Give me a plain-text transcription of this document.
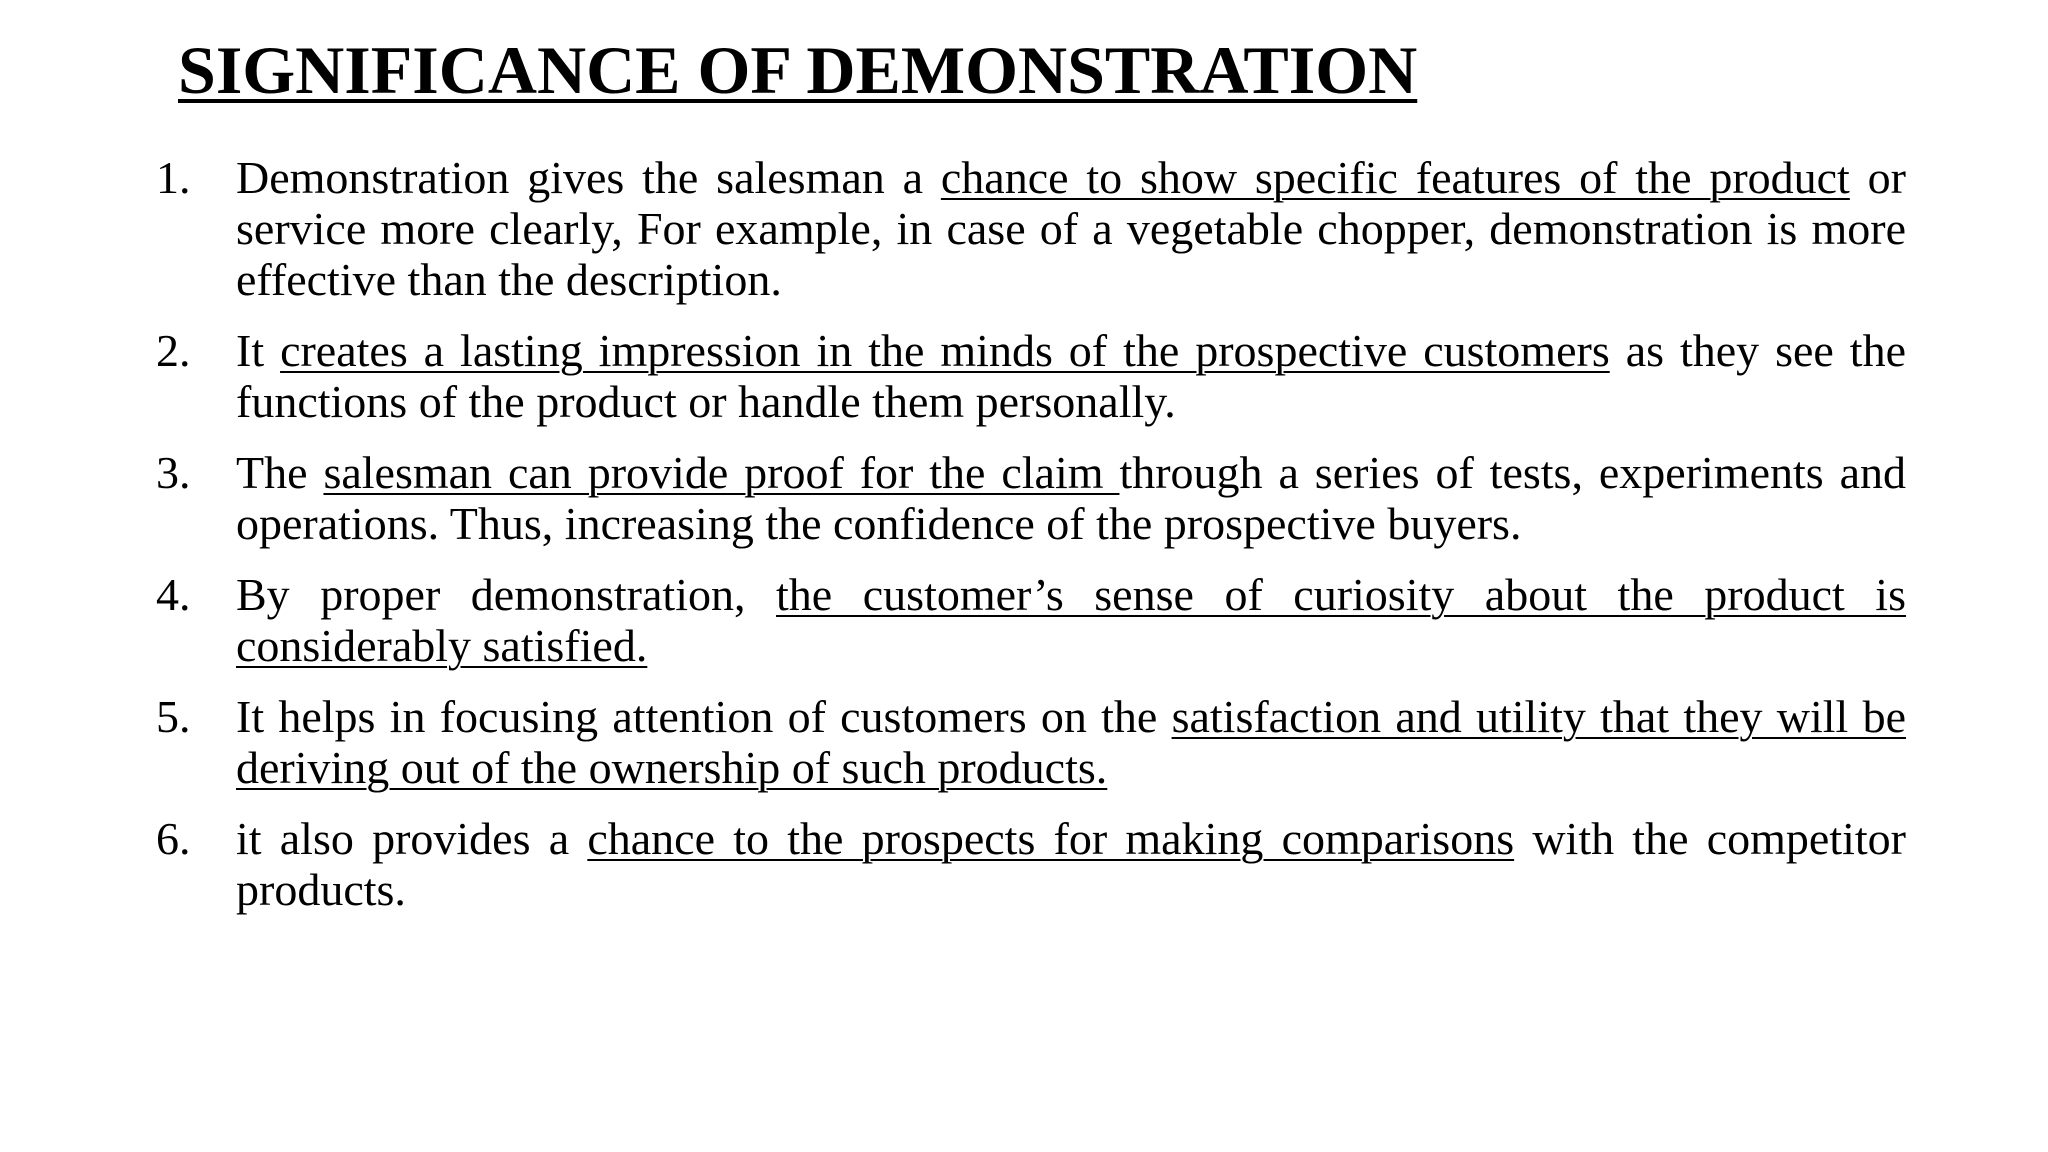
SIGNIFICANCE OF DEMONSTRATION
1. Demonstration gives the salesman a chance to show specific features of the product or service more clearly, For example, in case of a vegetable chopper, demonstration is more effective than the description.
2. It creates a lasting impression in the minds of the prospective customers as they see the functions of the product or handle them personally.
3. The salesman can provide proof for the claim through a series of tests, experiments and operations. Thus, increasing the confidence of the prospective buyers.
4. By proper demonstration, the customer’s sense of curiosity about the product is considerably satisfied.
5. It helps in focusing attention of customers on the satisfaction and utility that they will be deriving out of the ownership of such products.
6. it also provides a chance to the prospects for making comparisons with the competitor products.
